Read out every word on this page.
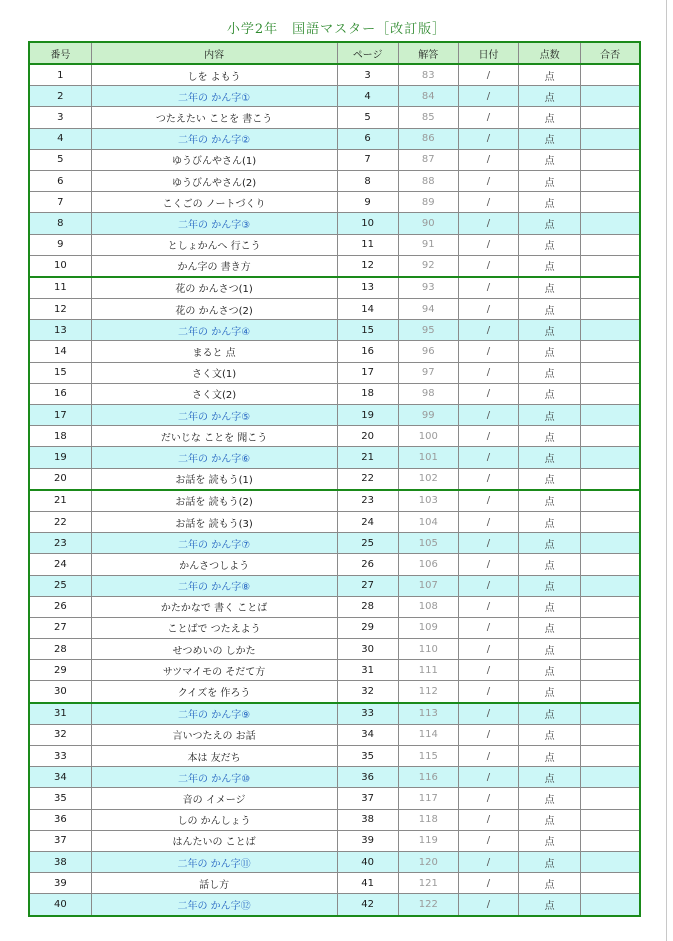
小学2年　国語マスター［改訂版］
番号	内容	ページ	解答	日付	点数	合否
1	しを よもう	3	83	/	点	
2	二年の かん字①	4	84	/	点	
3	つたえたい ことを 書こう	5	85	/	点	
4	二年の かん字②	6	86	/	点	
5	ゆうびんやさん(1)	7	87	/	点	
6	ゆうびんやさん(2)	8	88	/	点	
7	こくごの ノートづくり	9	89	/	点	
8	二年の かん字③	10	90	/	点	
9	としょかんへ 行こう	11	91	/	点	
10	かん字の 書き方	12	92	/	点	
11	花の かんさつ(1)	13	93	/	点	
12	花の かんさつ(2)	14	94	/	点	
13	二年の かん字④	15	95	/	点	
14	まると 点	16	96	/	点	
15	さく文(1)	17	97	/	点	
16	さく文(2)	18	98	/	点	
17	二年の かん字⑤	19	99	/	点	
18	だいじな ことを 聞こう	20	100	/	点	
19	二年の かん字⑥	21	101	/	点	
20	お話を 読もう(1)	22	102	/	点	
21	お話を 読もう(2)	23	103	/	点	
22	お話を 読もう(3)	24	104	/	点	
23	二年の かん字⑦	25	105	/	点	
24	かんさつしよう	26	106	/	点	
25	二年の かん字⑧	27	107	/	点	
26	かたかなで 書く ことば	28	108	/	点	
27	ことばで つたえよう	29	109	/	点	
28	せつめいの しかた	30	110	/	点	
29	サツマイモの そだて方	31	111	/	点	
30	クイズを 作ろう	32	112	/	点	
31	二年の かん字⑨	33	113	/	点	
32	言いつたえの お話	34	114	/	点	
33	本は 友だち	35	115	/	点	
34	二年の かん字⑩	36	116	/	点	
35	音の イメージ	37	117	/	点	
36	しの かんしょう	38	118	/	点	
37	はんたいの ことば	39	119	/	点	
38	二年の かん字⑪	40	120	/	点	
39	話し方	41	121	/	点	
40	二年の かん字⑫	42	122	/	点	
